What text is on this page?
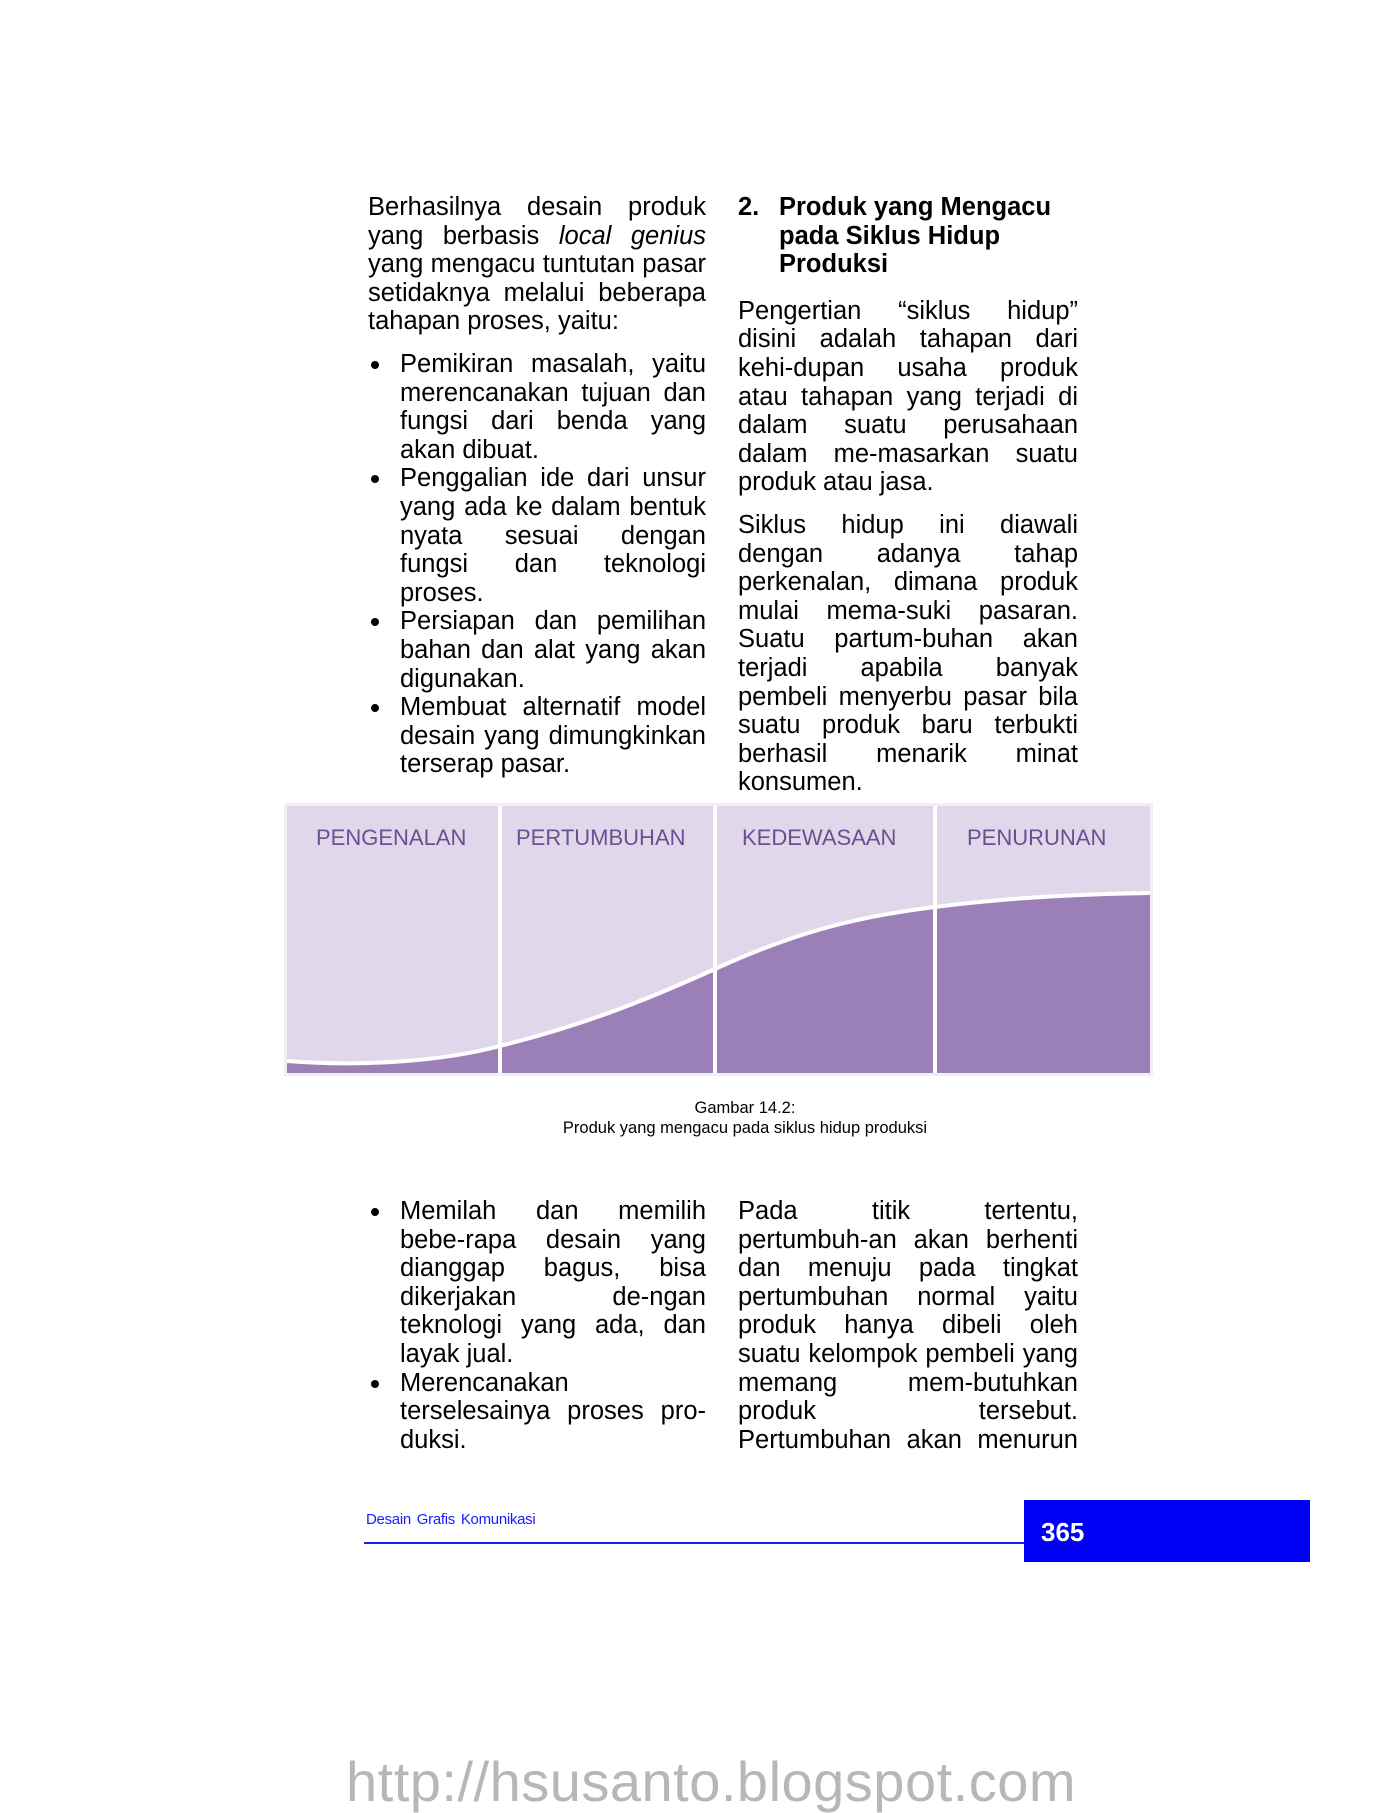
Berhasilnya desain produk yang berbasis local genius yang mengacu tuntutan pasar setidaknya melalui beberapa tahapan proses, yaitu:

Pemikiran masalah, yaitu merencanakan tujuan dan fungsi dari benda yang akan dibuat.
Penggalian ide dari unsur yang ada ke dalam bentuk nyata sesuai dengan fungsi dan teknologi proses.
Persiapan dan pemilihan bahan dan alat yang akan digunakan.
Membuat alternatif model desain yang dimungkinkan terserap pasar.
2. Produk yang Mengacu pada Siklus Hidup Produksi

Pengertian “siklus hidup” disini adalah tahapan dari kehi-dupan usaha produk atau tahapan yang terjadi di dalam suatu perusahaan dalam me-masarkan suatu produk atau jasa.

Siklus hidup ini diawali dengan adanya tahap perkenalan, dimana produk mulai mema-suki pasaran. Suatu partum-buhan akan terjadi apabila banyak pembeli menyerbu pasar bila suatu produk baru terbukti berhasil menarik minat konsumen.

PENGENALAN PERTUMBUHAN	KEDEWASAAN	PENURUNAN
Gambar 14.2:
Produk yang mengacu pada siklus hidup produksi
Memilah dan memilih bebe-rapa desain yang dianggap bagus, bisa dikerjakan de-ngan teknologi yang ada, dan layak jual.
Merencanakan terselesainya proses pro-duksi.

Pada titik tertentu, pertumbuh-an akan berhenti dan menuju pada tingkat pertumbuhan normal yaitu produk hanya dibeli oleh suatu kelompok pembeli yang memang mem-butuhkan produk tersebut. Pertumbuhan akan menurun

Desain Grafis Komunikasi	365
http://hsusanto.blogspot.com
